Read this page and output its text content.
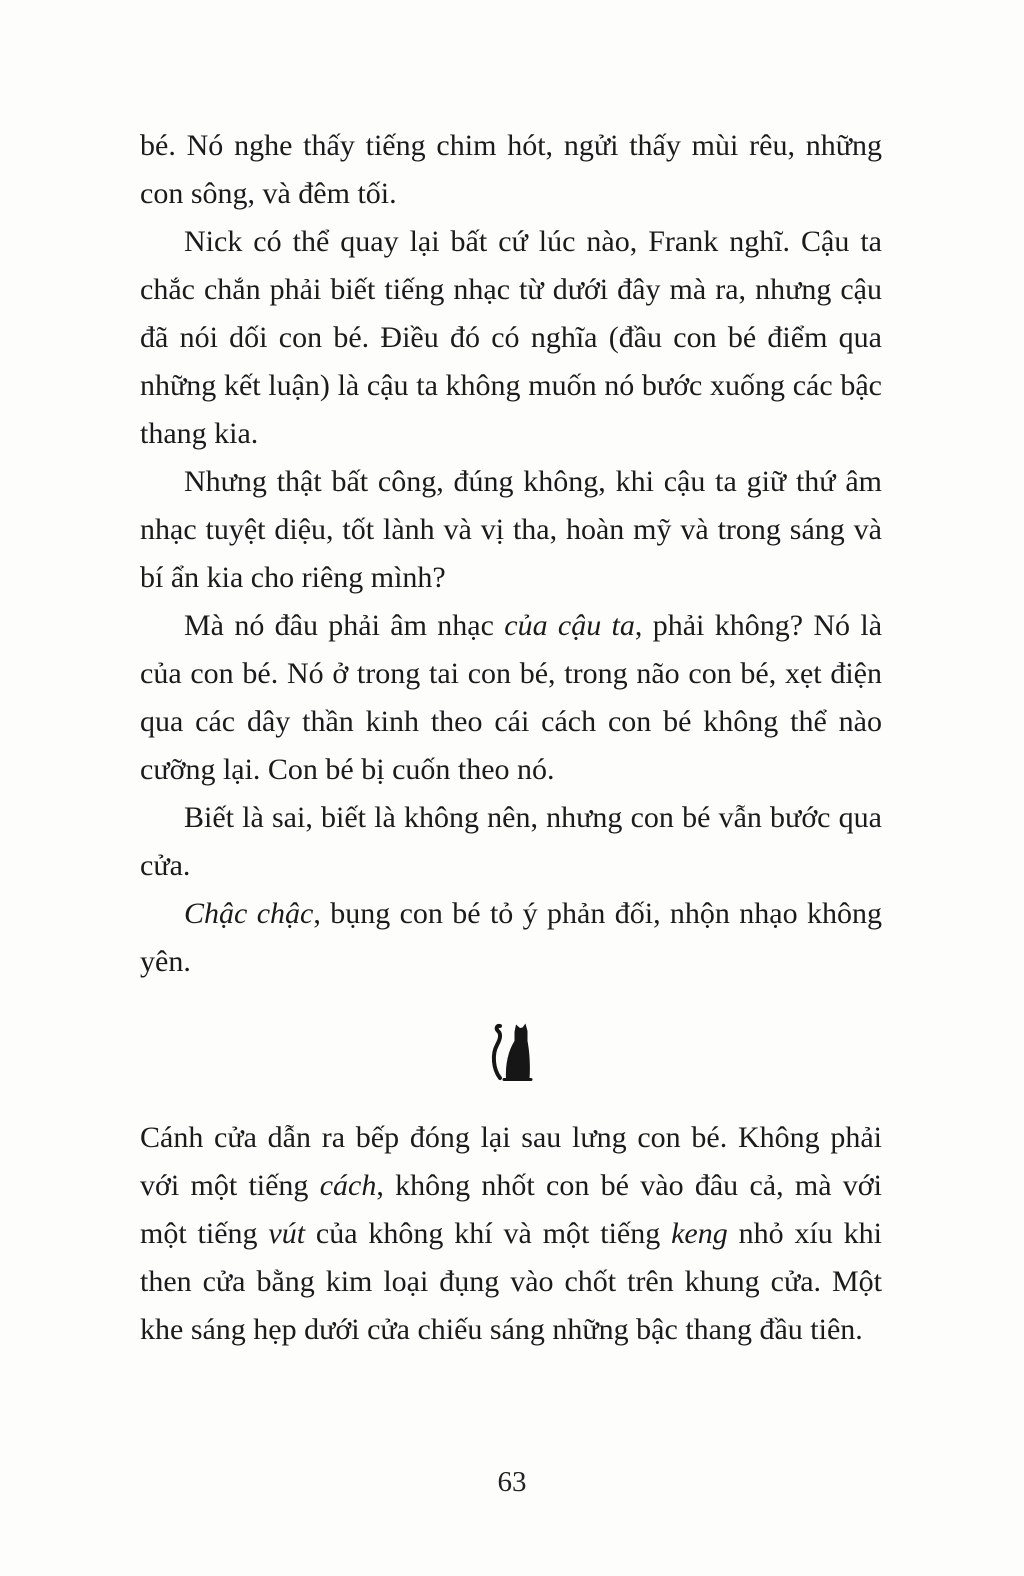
bé. Nó nghe thấy tiếng chim hót, ngửi thấy mùi rêu, những con sông, và đêm tối.

Nick có thể quay lại bất cứ lúc nào, Frank nghĩ. Cậu ta chắc chắn phải biết tiếng nhạc từ dưới đây mà ra, nhưng cậu đã nói dối con bé. Điều đó có nghĩa (đầu con bé điểm qua những kết luận) là cậu ta không muốn nó bước xuống các bậc thang kia.

Nhưng thật bất công, đúng không, khi cậu ta giữ thứ âm nhạc tuyệt diệu, tốt lành và vị tha, hoàn mỹ và trong sáng và bí ẩn kia cho riêng mình?

Mà nó đâu phải âm nhạc của cậu ta, phải không? Nó là của con bé. Nó ở trong tai con bé, trong não con bé, xẹt điện qua các dây thần kinh theo cái cách con bé không thể nào cưỡng lại. Con bé bị cuốn theo nó.

Biết là sai, biết là không nên, nhưng con bé vẫn bước qua cửa.

Chậc chậc, bụng con bé tỏ ý phản đối, nhộn nhạo không yên.

Cánh cửa dẫn ra bếp đóng lại sau lưng con bé. Không phải với một tiếng cách, không nhốt con bé vào đâu cả, mà với một tiếng vút của không khí và một tiếng keng nhỏ xíu khi then cửa bằng kim loại đụng vào chốt trên khung cửa. Một khe sáng hẹp dưới cửa chiếu sáng những bậc thang đầu tiên.

63
